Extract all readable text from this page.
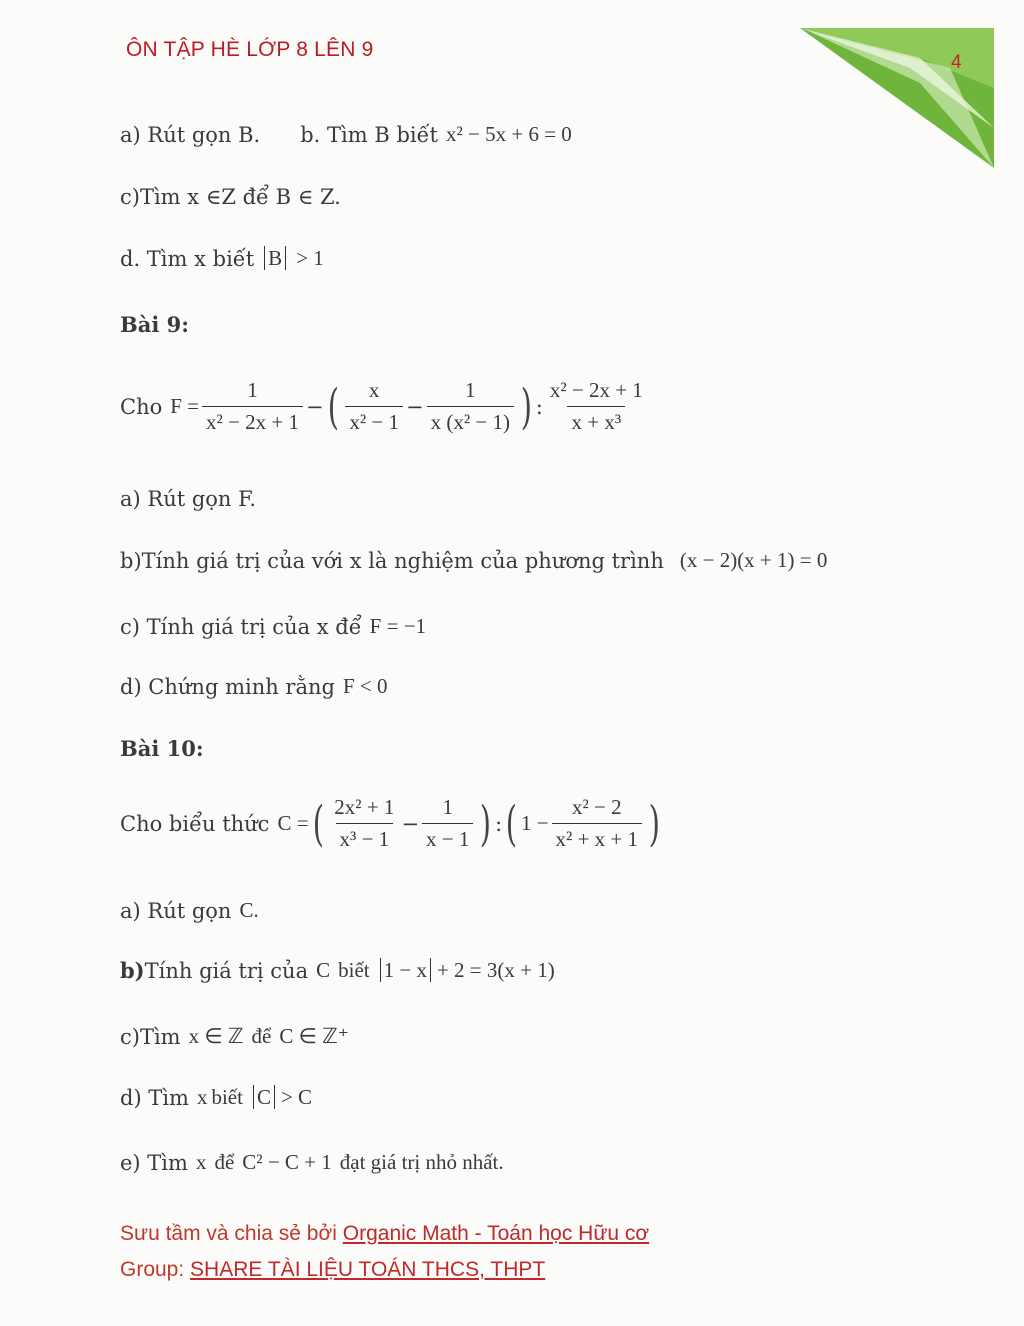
ÔN TẬP HÈ LỚP 8 LÊN 9
4
a) Rút gọn B. b. Tìm B biết x² − 5x + 6 = 0
c)Tìm x ∈Z để B ∈ Z.
d. Tìm x biết B > 1
Bài 9:
Cho $F = \frac{1}{\text{x² − 2x + 1}}$ − ( $\frac{x}{\text{x² − 1}} - \frac{1}{\text{x (x² − 1)}}$ ) : $\frac{\text{x² − 2x + 1}}{\text{x + x³}}$
a) Rút gọn F.
b)Tính giá trị của với x là nghiệm của phương trình (x − 2)(x + 1) = 0
c) Tính giá trị của x để F = −1
d) Chứng minh rằng F < 0
Bài 10:
Cho biểu thức C = ( $\frac{\text{2x² + 1}}{\text{x³ − 1}} - \frac{1}{x - 1}$ ) : ( $1 - \frac{\text{x² − 2}}{\text{x² + x + 1}}$ )
a) Rút gọn C.
b) Tính giá trị của C biết 1 − x + 2 = 3(x + 1)
c)Tìm x ∈ ℤ để C ∈ ℤ⁺
d) Tìm x biết C > C
e) Tìm x để C² − C + 1 đạt giá trị nhỏ nhất.
Sưu tầm và chia sẻ bởi Organic Math - Toán học Hữu cơ
Group: SHARE TÀI LIỆU TOÁN THCS, THPT
